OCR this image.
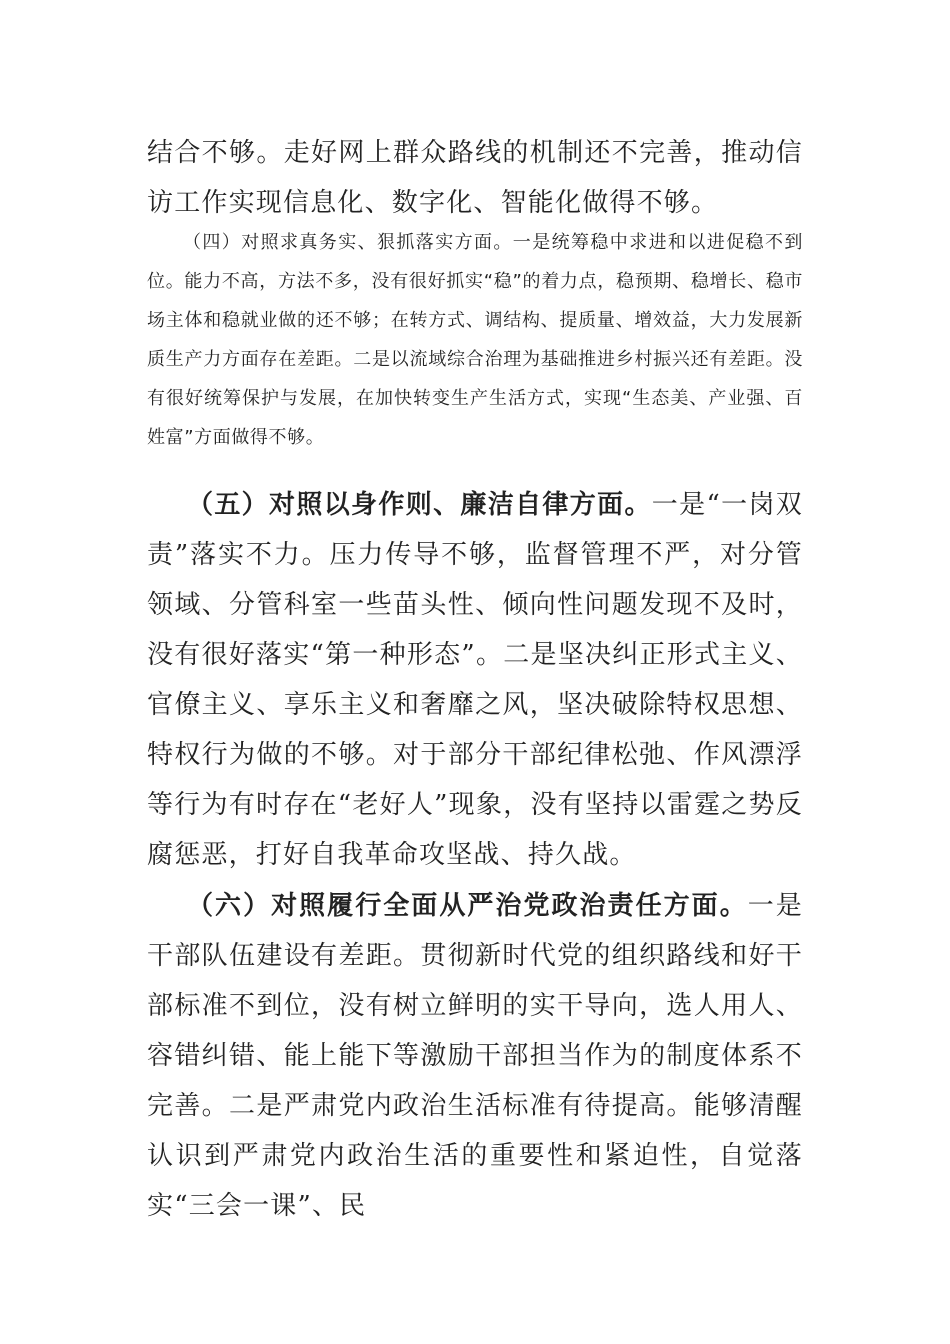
结合不够。走好网上群众路线的机制还不完善，推动信访工作实现信息化、数字化、智能化做得不够。

（四）对照求真务实、狠抓落实方面。一是统筹稳中求进和以进促稳不到位。能力不高，方法不多，没有很好抓实“稳”的着力点，稳预期、稳增长、稳市场主体和稳就业做的还不够；在转方式、调结构、提质量、增效益，大力发展新质生产力方面存在差距。二是以流域综合治理为基础推进乡村振兴还有差距。没有很好统筹保护与发展，在加快转变生产生活方式，实现“生态美、产业强、百姓富”方面做得不够。

（五）对照以身作则、廉洁自律方面。一是“一岗双责”落实不力。压力传导不够，监督管理不严，对分管领域、分管科室一些苗头性、倾向性问题发现不及时，没有很好落实“第一种形态”。二是坚决纠正形式主义、官僚主义、享乐主义和奢靡之风，坚决破除特权思想、特权行为做的不够。对于部分干部纪律松弛、作风漂浮等行为有时存在“老好人”现象，没有坚持以雷霆之势反腐惩恶，打好自我革命攻坚战、持久战。

（六）对照履行全面从严治党政治责任方面。一是干部队伍建设有差距。贯彻新时代党的组织路线和好干部标准不到位，没有树立鲜明的实干导向，选人用人、容错纠错、能上能下等激励干部担当作为的制度体系不完善。二是严肃党内政治生活标准有待提高。能够清醒认识到严肃党内政治生活的重要性和紧迫性，自觉落实“三会一课”、民
